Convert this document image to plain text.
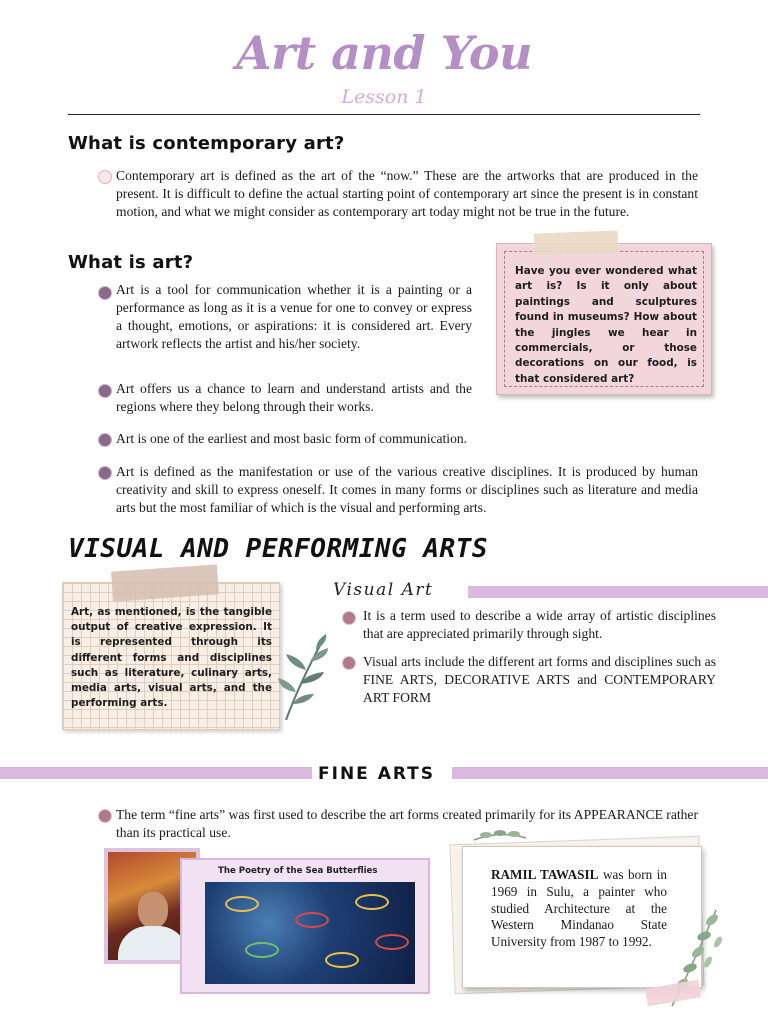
Art and You
Lesson 1
What is contemporary art?
Contemporary art is defined as the art of the “now.” These are the artworks that are produced in the present. It is difficult to define the actual starting point of contemporary art since the present is in constant motion, and what we might consider as contemporary art today might not be true in the future.
What is art?
Art is a tool for communication whether it is a painting or a performance as long as it is a venue for one to convey or express a thought, emotions, or aspirations: it is considered art. Every artwork reflects the artist and his/her society.
Art offers us a chance to learn and understand artists and the regions where they belong through their works.
Art is one of the earliest and most basic form of communication.
Art is defined as the manifestation or use of the various creative disciplines. It is produced by human creativity and skill to express oneself. It comes in many forms or disciplines such as literature and media arts but the most familiar of which is the visual and performing arts.
Have you ever wondered what art is? Is it only about paintings and sculptures found in museums? How about the jingles we hear in commercials, or those decorations on our food, is that considered art?
VISUAL AND PERFORMING ARTS
Art, as mentioned, is the tangible output of creative expression. It is represented through its different forms and disciplines such as literature, culinary arts, media arts, visual arts, and the performing arts.
Visual Art
It is a term used to describe a wide array of artistic disciplines that are appreciated primarily through sight.
Visual arts include the different art forms and disciplines such as FINE ARTS, DECORATIVE ARTS and CONTEMPORARY ART FORM
FINE ARTS
The term “fine arts” was first used to describe the art forms created primarily for its APPEARANCE rather than its practical use.
The Poetry of the Sea Butterflies	RAMIL TAWASIL was born in 1969 in Sulu, a painter who studied Architecture at the Western Mindanao State University from 1987 to 1992.
